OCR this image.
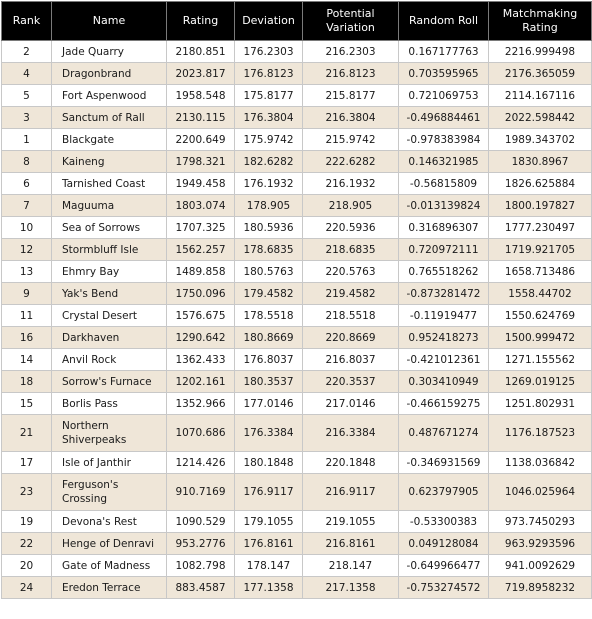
Rank	Name	Rating	Deviation	Potential Variation	Random Roll	Matchmaking Rating
2	Jade Quarry	2180.851	176.2303	216.2303	0.167177763	2216.999498
4	Dragonbrand	2023.817	176.8123	216.8123	0.703595965	2176.365059
5	Fort Aspenwood	1958.548	175.8177	215.8177	0.721069753	2114.167116
3	Sanctum of Rall	2130.115	176.3804	216.3804	-0.496884461	2022.598442
1	Blackgate	2200.649	175.9742	215.9742	-0.978383984	1989.343702
8	Kaineng	1798.321	182.6282	222.6282	0.146321985	1830.8967
6	Tarnished Coast	1949.458	176.1932	216.1932	-0.56815809	1826.625884
7	Maguuma	1803.074	178.905	218.905	-0.013139824	1800.197827
10	Sea of Sorrows	1707.325	180.5936	220.5936	0.316896307	1777.230497
12	Stormbluff Isle	1562.257	178.6835	218.6835	0.720972111	1719.921705
13	Ehmry Bay	1489.858	180.5763	220.5763	0.765518262	1658.713486
9	Yak's Bend	1750.096	179.4582	219.4582	-0.873281472	1558.44702
11	Crystal Desert	1576.675	178.5518	218.5518	-0.11919477	1550.624769
16	Darkhaven	1290.642	180.8669	220.8669	0.952418273	1500.999472
14	Anvil Rock	1362.433	176.8037	216.8037	-0.421012361	1271.155562
18	Sorrow's Furnace	1202.161	180.3537	220.3537	0.303410949	1269.019125
15	Borlis Pass	1352.966	177.0146	217.0146	-0.466159275	1251.802931
21	Northern Shiverpeaks	1070.686	176.3384	216.3384	0.487671274	1176.187523
17	Isle of Janthir	1214.426	180.1848	220.1848	-0.346931569	1138.036842
23	Ferguson's Crossing	910.7169	176.9117	216.9117	0.623797905	1046.025964
19	Devona's Rest	1090.529	179.1055	219.1055	-0.53300383	973.7450293
22	Henge of Denravi	953.2776	176.8161	216.8161	0.049128084	963.9293596
20	Gate of Madness	1082.798	178.147	218.147	-0.649966477	941.0092629
24	Eredon Terrace	883.4587	177.1358	217.1358	-0.753274572	719.8958232
